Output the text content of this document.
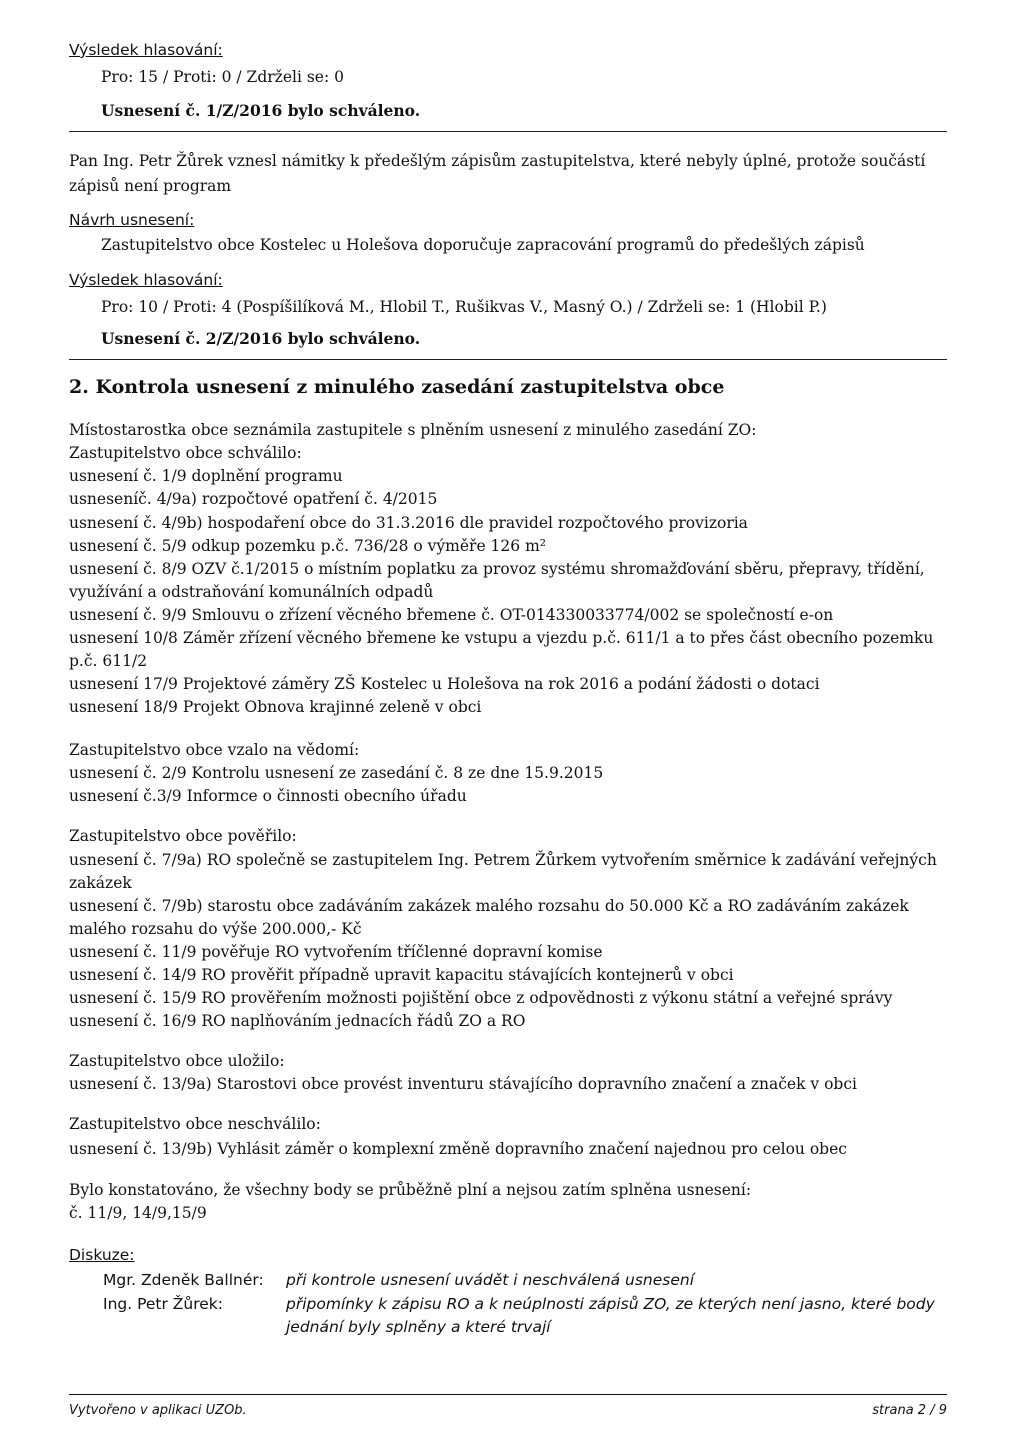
Výsledek hlasování:
Pro: 15 / Proti: 0 / Zdrželi se: 0
Usnesení č. 1/Z/2016 bylo schváleno.
Pan Ing. Petr Žůrek vznesl námitky k předešlým zápisům zastupitelstva, které nebyly úplné, protože součástí
zápisů není program
Návrh usnesení:
Zastupitelstvo obce Kostelec u Holešova doporučuje zapracování programů do předešlých zápisů
Výsledek hlasování:
Pro: 10 / Proti: 4 (Pospíšilíková M., Hlobil T., Rušikvas V., Masný O.) / Zdrželi se: 1 (Hlobil P.)
Usnesení č. 2/Z/2016 bylo schváleno.
2. Kontrola usnesení z minulého zasedání zastupitelstva obce
Místostarostka obce seznámila zastupitele s plněním usnesení z minulého zasedání ZO:
Zastupitelstvo obce schválilo:
usnesení č. 1/9 doplnění programu
usneseníč. 4/9a) rozpočtové opatření č. 4/2015
usnesení č. 4/9b) hospodaření obce do 31.3.2016 dle pravidel rozpočtového provizoria
usnesení č. 5/9 odkup pozemku p.č. 736/28 o výměře 126 m²
usnesení č. 8/9 OZV č.1/2015 o místním poplatku za provoz systému shromažďování sběru, přepravy, třídění,
využívání a odstraňování komunálních odpadů
usnesení č. 9/9 Smlouvu o zřízení věcného břemene č. OT-014330033774/002 se společností e-on
usnesení 10/8 Záměr zřízení věcného břemene ke vstupu a vjezdu p.č. 611/1 a to přes část obecního pozemku
p.č. 611/2
usnesení 17/9 Projektové záměry ZŠ Kostelec u Holešova na rok 2016 a podání žádosti o dotaci
usnesení 18/9 Projekt Obnova krajinné zeleně v obci
Zastupitelstvo obce vzalo na vědomí:
usnesení č. 2/9 Kontrolu usnesení ze zasedání č. 8 ze dne 15.9.2015
usnesení č.3/9 Informce o činnosti obecního úřadu
Zastupitelstvo obce pověřilo:
usnesení č. 7/9a) RO společně se zastupitelem Ing. Petrem Žůrkem vytvořením směrnice k zadávání veřejných
zakázek
usnesení č. 7/9b) starostu obce zadáváním zakázek malého rozsahu do 50.000 Kč a RO zadáváním zakázek
malého rozsahu do výše 200.000,- Kč
usnesení č. 11/9 pověřuje RO vytvořením tříčlenné dopravní komise
usnesení č. 14/9 RO prověřit případně upravit kapacitu stávajících kontejnerů v obci
usnesení č. 15/9 RO prověřením možnosti pojištění obce z odpovědnosti z výkonu státní a veřejné správy
usnesení č. 16/9 RO naplňováním jednacích řádů ZO a RO
Zastupitelstvo obce uložilo:
usnesení č. 13/9a) Starostovi obce provést inventuru stávajícího dopravního značení a značek v obci
Zastupitelstvo obce neschválilo:
usnesení č. 13/9b) Vyhlásit záměr o komplexní změně dopravního značení najednou pro celou obec
Bylo konstatováno, že všechny body se průběžně plní a nejsou zatím splněna usnesení:
č. 11/9, 14/9,15/9
Diskuze:
Mgr. Zdeněk Ballnér: při kontrole usnesení uvádět i neschválená usnesení
Ing. Petr Žůrek:	připomínky k zápisu RO a k neúplnosti zápisů ZO, ze kterých není jasno, které body
jednání byly splněny a které trvají
Vytvořeno v aplikaci UZOb.	strana 2 / 9
